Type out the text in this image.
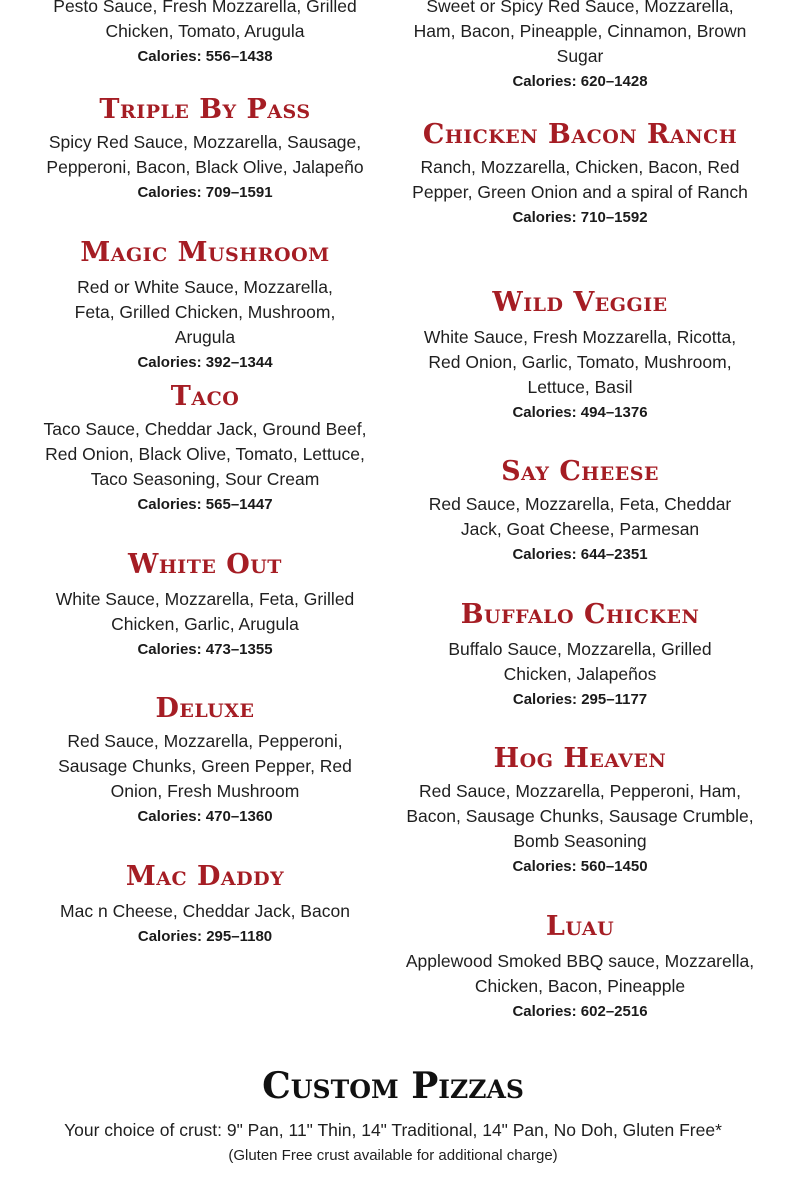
Pesto Sauce, Fresh Mozzarella, Grilled Chicken, Tomato, Arugula

Calories: 556–1438

Triple By Pass

Spicy Red Sauce, Mozzarella, Sausage, Pepperoni, Bacon, Black Olive, Jalapeño

Calories: 709–1591

Magic Mushroom

Red or White Sauce, Mozzarella, Feta, Grilled Chicken, Mushroom, Arugula

Calories: 392–1344

Taco

Taco Sauce, Cheddar Jack, Ground Beef, Red Onion, Black Olive, Tomato, Lettuce, Taco Seasoning, Sour Cream

Calories: 565–1447

White Out

White Sauce, Mozzarella, Feta, Grilled Chicken, Garlic, Arugula

Calories: 473–1355

Deluxe

Red Sauce, Mozzarella, Pepperoni, Sausage Chunks, Green Pepper, Red Onion, Fresh Mushroom

Calories: 470–1360

Mac Daddy

Mac n Cheese, Cheddar Jack, Bacon

Calories: 295–1180

Sweet or Spicy Red Sauce, Mozzarella, Ham, Bacon, Pineapple, Cinnamon, Brown Sugar

Calories: 620–1428

Chicken Bacon Ranch

Ranch, Mozzarella, Chicken, Bacon, Red Pepper, Green Onion and a spiral of Ranch

Calories: 710–1592

Wild Veggie

White Sauce, Fresh Mozzarella, Ricotta, Red Onion, Garlic, Tomato, Mushroom, Lettuce, Basil

Calories: 494–1376

Say Cheese

Red Sauce, Mozzarella, Feta, Cheddar Jack, Goat Cheese, Parmesan

Calories: 644–2351

Buffalo Chicken

Buffalo Sauce, Mozzarella, Grilled Chicken, Jalapeños

Calories: 295–1177

Hog Heaven

Red Sauce, Mozzarella, Pepperoni, Ham, Bacon, Sausage Chunks, Sausage Crumble, Bomb Seasoning

Calories: 560–1450

Luau

Applewood Smoked BBQ sauce, Mozzarella, Chicken, Bacon, Pineapple

Calories: 602–2516

Custom Pizzas

Your choice of crust: 9" Pan, 11" Thin, 14" Traditional, 14" Pan, No Doh, Gluten Free*

(Gluten Free crust available for additional charge)
